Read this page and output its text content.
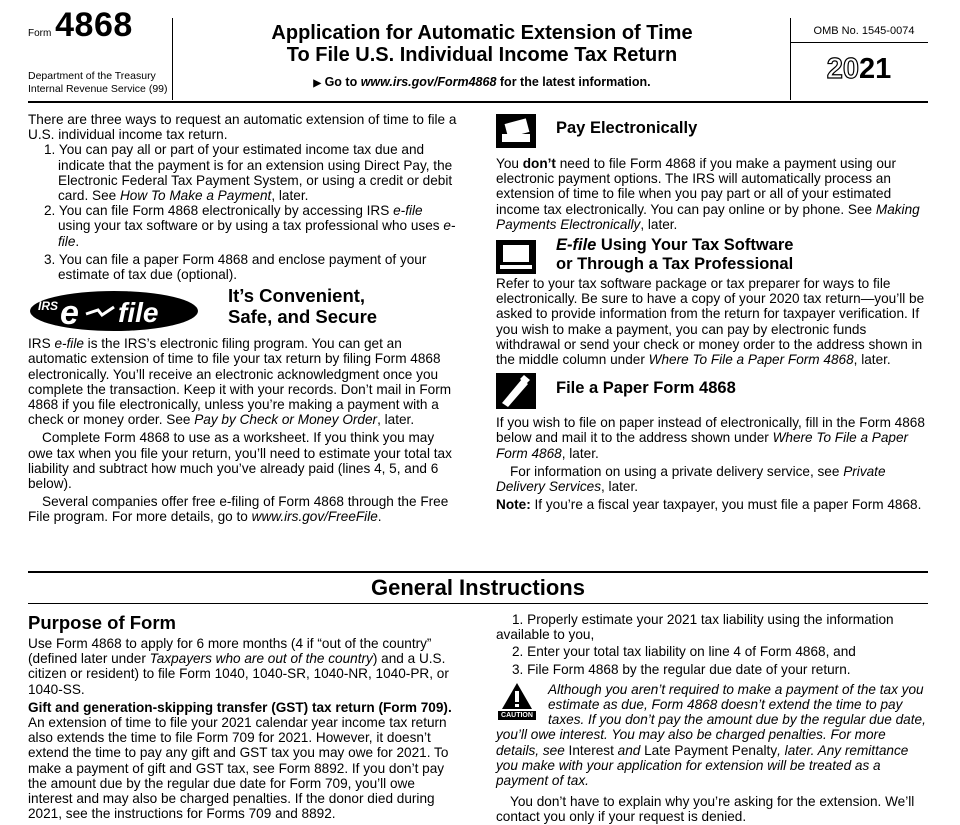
Form 4868
Department of the Treasury
Internal Revenue Service (99)
Application for Automatic Extension of Time
To File U.S. Individual Income Tax Return
▶ Go to www.irs.gov/Form4868 for the latest information.
OMB No. 1545-0074
2021

There are three ways to request an automatic extension of time to file a U.S. individual income tax return.

1. You can pay all or part of your estimated income tax due and indicate that the payment is for an extension using Direct Pay, the Electronic Federal Tax Payment System, or using a credit or debit card. See How To Make a Payment, later.
2. You can file Form 4868 electronically by accessing IRS e-file using your tax software or by using a tax professional who uses e-file.
3. You can file a paper Form 4868 and enclose payment of your estimate of tax due (optional).
IRS e file
It’s Convenient,
Safe, and Secure

IRS e-file is the IRS’s electronic filing program. You can get an automatic extension of time to file your tax return by filing Form 4868 electronically. You’ll receive an electronic acknowledgment once you complete the transaction. Keep it with your records. Don’t mail in Form 4868 if you file electronically, unless you’re making a payment with a check or money order. See Pay by Check or Money Order, later.

Complete Form 4868 to use as a worksheet. If you think you may owe tax when you file your return, you’ll need to estimate your total tax liability and subtract how much you’ve already paid (lines 4, 5, and 6 below).

Several companies offer free e-filing of Form 4868 through the Free File program. For more details, go to www.irs.gov/FreeFile.

Pay Electronically

You don’t need to file Form 4868 if you make a payment using our electronic payment options. The IRS will automatically process an extension of time to file when you pay part or all of your estimated income tax electronically. You can pay online or by phone. See Making Payments Electronically, later.

E-file Using Your Tax Software
or Through a Tax Professional

Refer to your tax software package or tax preparer for ways to file electronically. Be sure to have a copy of your 2020 tax return—you’ll be asked to provide information from the return for taxpayer verification. If you wish to make a payment, you can pay by electronic funds withdrawal or send your check or money order to the address shown in the middle column under Where To File a Paper Form 4868, later.

File a Paper Form 4868

If you wish to file on paper instead of electronically, fill in the Form 4868 below and mail it to the address shown under Where To File a Paper Form 4868, later.

For information on using a private delivery service, see Private Delivery Services, later.

Note: If you’re a fiscal year taxpayer, you must file a paper Form 4868.

General Instructions
Purpose of Form

Use Form 4868 to apply for 6 more months (4 if “out of the country” (defined later under Taxpayers who are out of the country) and a U.S. citizen or resident) to file Form 1040, 1040-SR, 1040-NR, 1040-PR, or 1040-SS.

Gift and generation-skipping transfer (GST) tax return (Form 709). An extension of time to file your 2021 calendar year income tax return also extends the time to file Form 709 for 2021. However, it doesn’t extend the time to pay any gift and GST tax you may owe for 2021. To make a payment of gift and GST tax, see Form 8892. If you don’t pay the amount due by the regular due date for Form 709, you’ll owe interest and may also be charged penalties. If the donor died during 2021, see the instructions for Forms 709 and 8892.

1. Properly estimate your 2021 tax liability using the information available to you,
2. Enter your total tax liability on line 4 of Form 4868, and
3. File Form 4868 by the regular due date of your return.
CAUTION

Although you aren’t required to make a payment of the tax you estimate as due, Form 4868 doesn’t extend the time to pay taxes. If you don’t pay the amount due by the regular due date, you’ll owe interest. You may also be charged penalties. For more details, see Interest and Late Payment Penalty, later. Any remittance you make with your application for extension will be treated as a payment of tax.

You don’t have to explain why you’re asking for the extension. We’ll contact you only if your request is denied.
